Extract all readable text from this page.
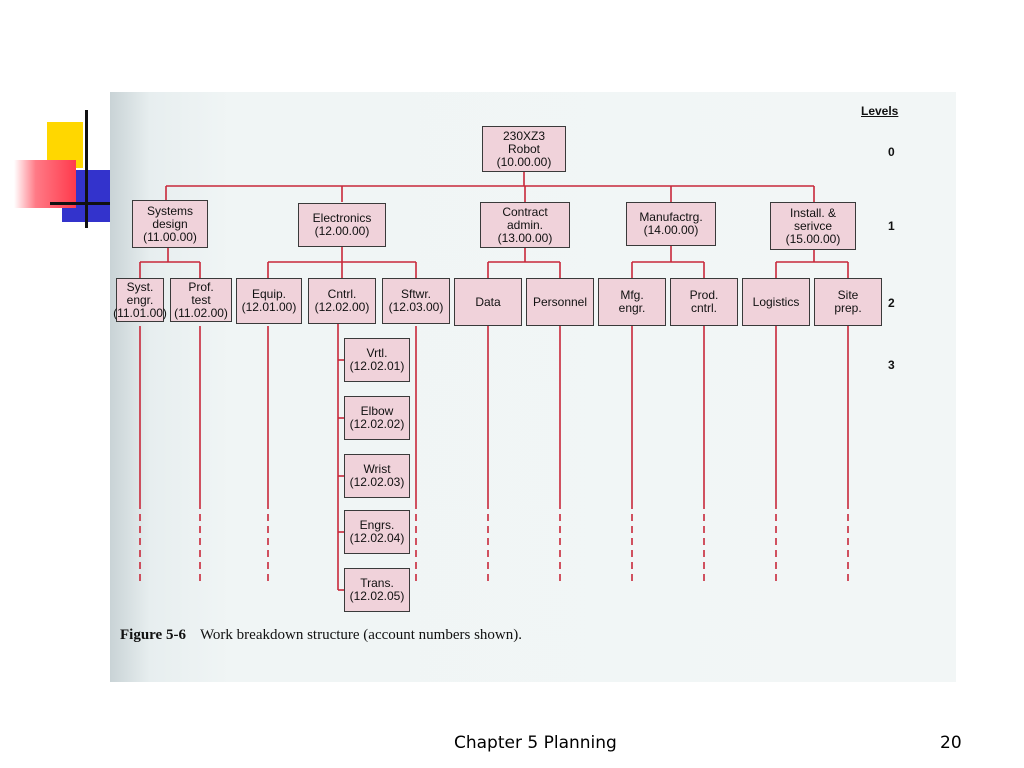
Levels
0
1
2
3
230XZ3
Robot
(10.00.00)
Systems
design
(11.00.00)
Electronics
(12.00.00)
Contract
admin.
(13.00.00)
Manufactrg.
(14.00.00)
Install. &
serivce
(15.00.00)
Syst.
engr.
(11.01.00)
Prof.
test
(11.02.00)
Equip.
(12.01.00)
Cntrl.
(12.02.00)
Sftwr.
(12.03.00)	Data	Personnel	Mfg.
engr.
Prod.
cntrl.	Logistics	Site
prep.
Vrtl.
(12.02.01)
Elbow
(12.02.02)
Wrist
(12.02.03)
Engrs.
(12.02.04)
Trans.
(12.02.05)
Figure 5-6 Work breakdown structure (account numbers shown).
Chapter 5 Planning	20
